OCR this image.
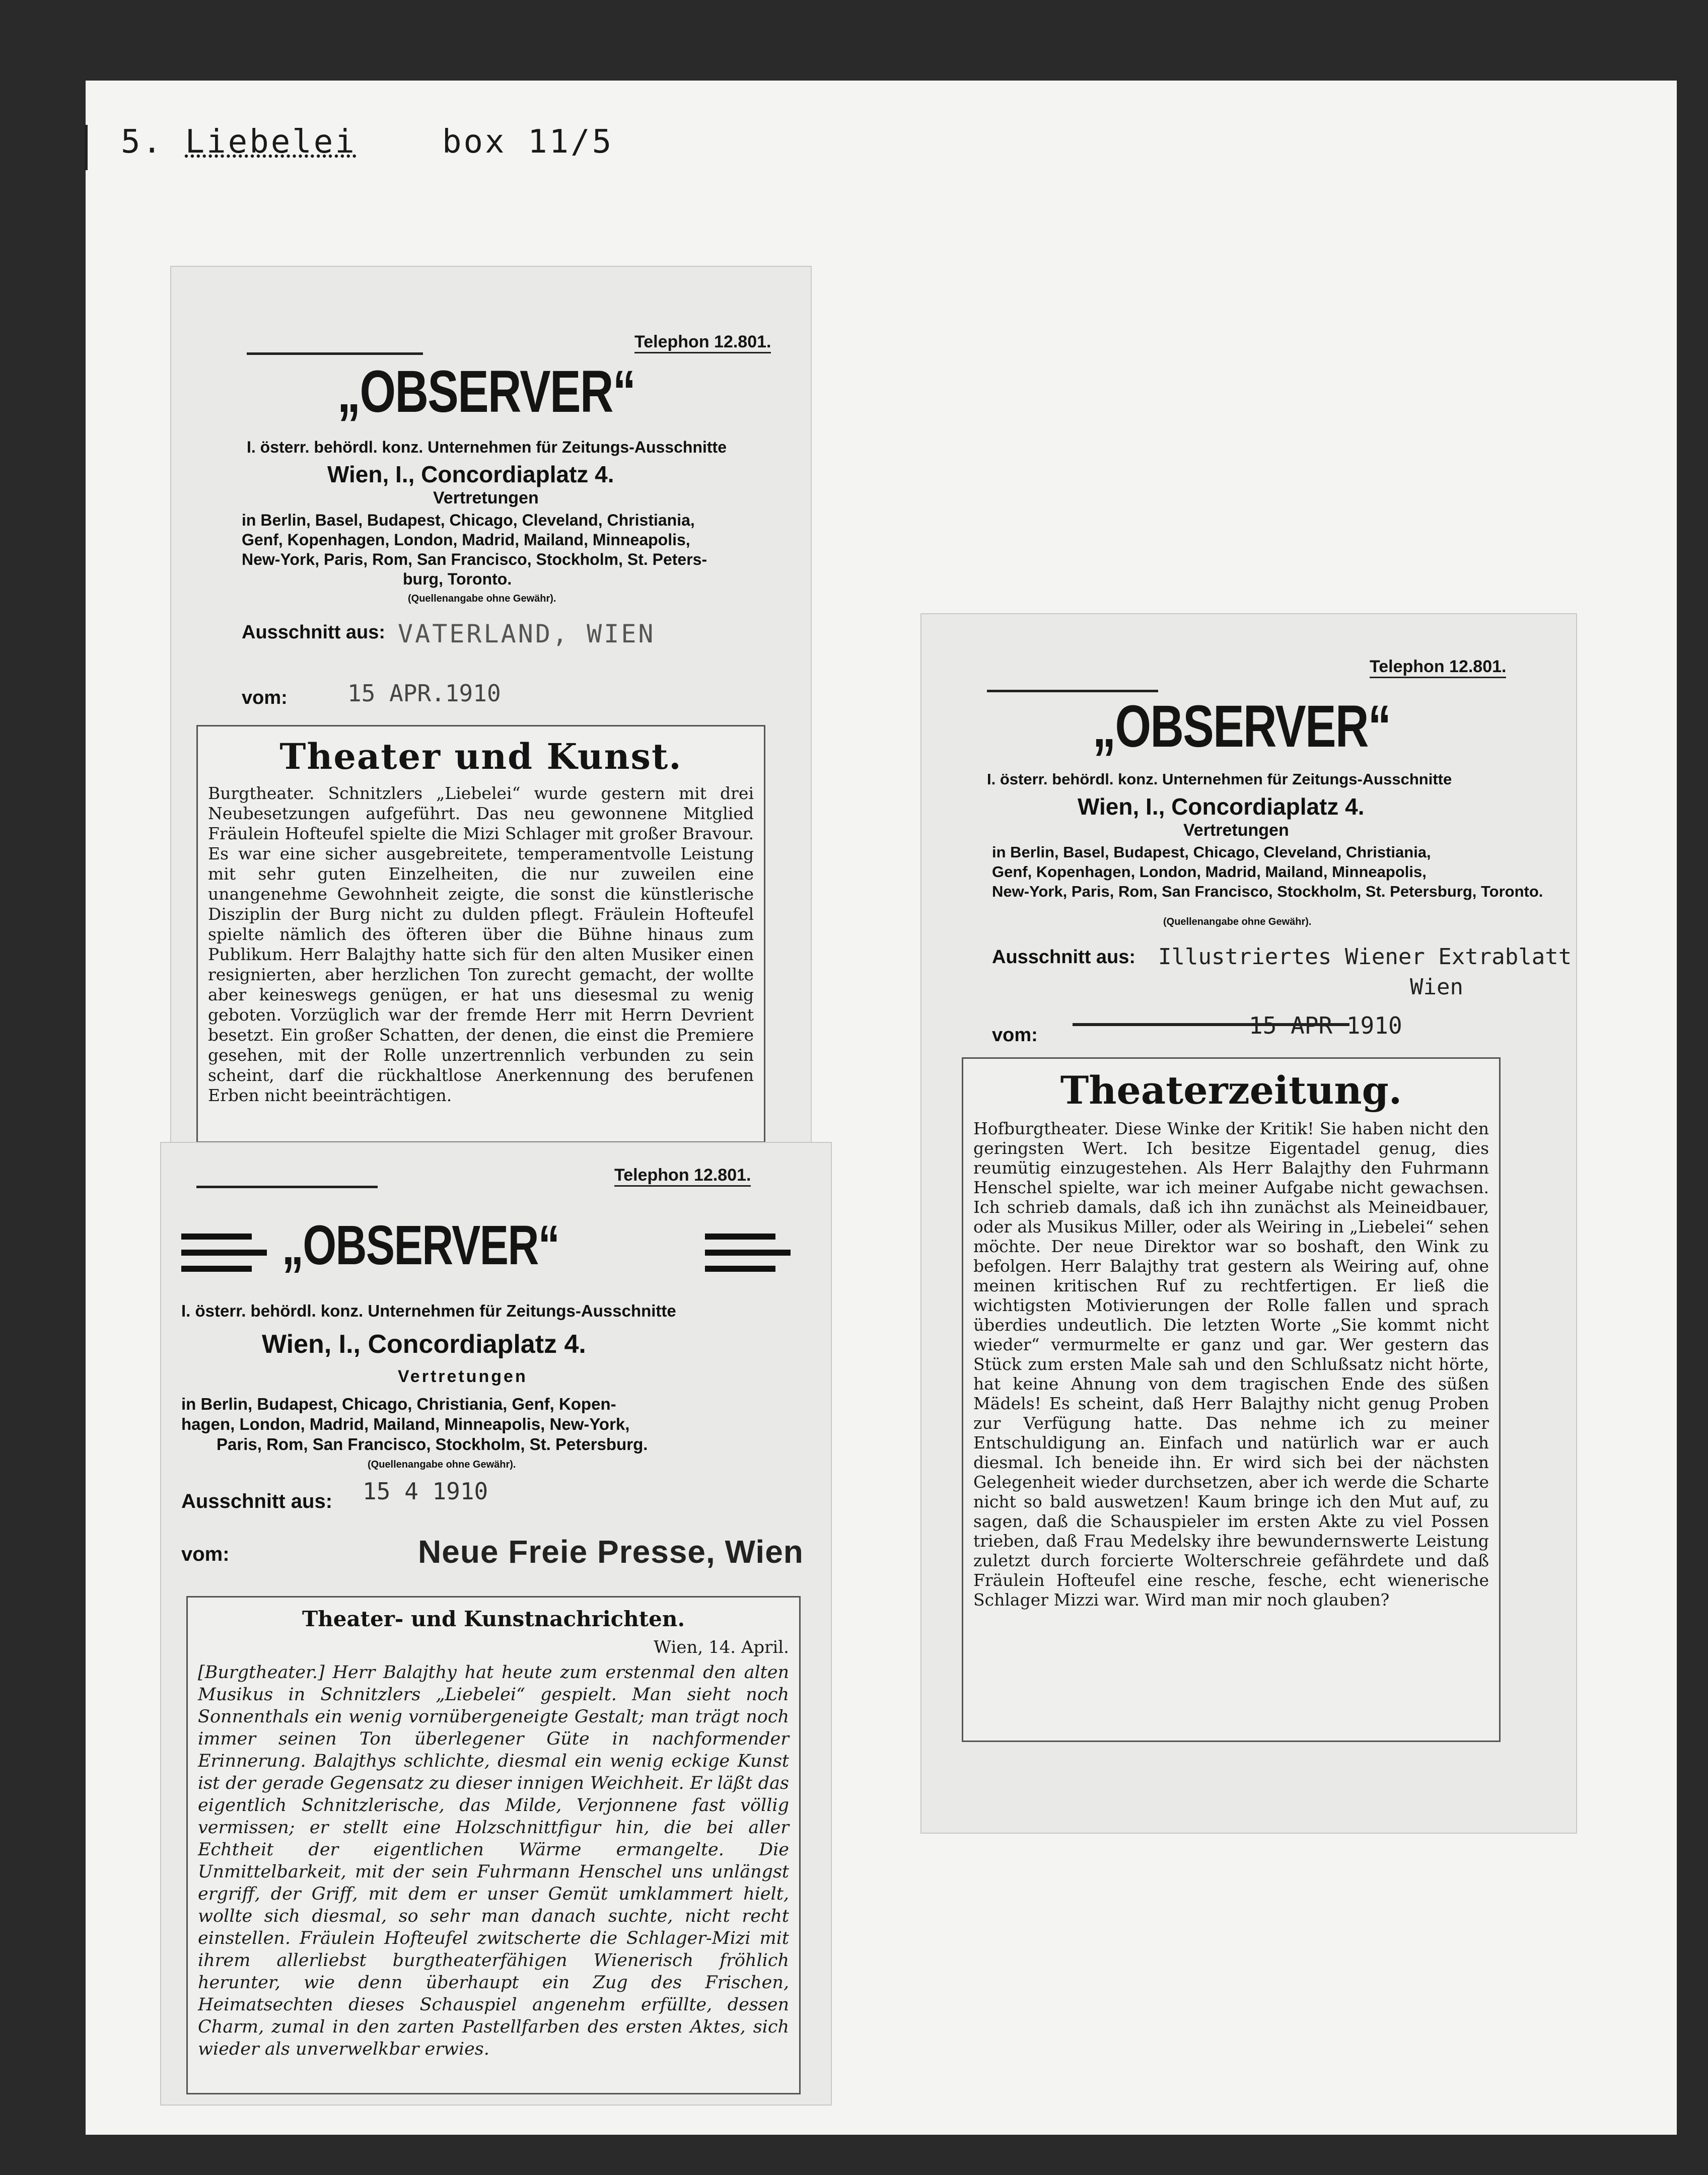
5. Liebelei	box 11/5
Telephon 12.801.
„OBSERVER“
I. österr. behördl. konz. Unternehmen für Zeitungs-Ausschnitte
Wien, I., Concordiaplatz 4.
Vertretungen
in Berlin, Basel, Budapest, Chicago, Cleveland, Christiania,
Genf, Kopenhagen, London, Madrid, Mailand, Minneapolis,
New-York, Paris, Rom, San Francisco, Stockholm, St. Peters-
burg, Toronto.
(Quellenangabe ohne Gewähr).
Ausschnitt aus: VATERLAND, WIEN
vom:	15 APR.1910
Theater und Kunst.
Burgtheater. Schnitzlers „Liebelei“ wurde gestern mit drei Neubesetzungen aufgeführt. Das neu gewonnene Mitglied Fräulein Hofteufel spielte die Mizi Schlager mit großer Bravour. Es war eine sicher ausgebreitete, temperamentvolle Leistung mit sehr guten Einzelheiten, die nur zuweilen eine unangenehme Gewohnheit zeigte, die sonst die künstlerische Disziplin der Burg nicht zu dulden pflegt. Fräulein Hofteufel spielte nämlich des öfteren über die Bühne hinaus zum Publikum. Herr Balajthy hatte sich für den alten Musiker einen resignierten, aber herzlichen Ton zurecht gemacht, der wollte aber keineswegs genügen, er hat uns diesesmal zu wenig geboten. Vorzüglich war der fremde Herr mit Herrn Devrient besetzt. Ein großer Schatten, der denen, die einst die Premiere gesehen, mit der Rolle unzertrennlich verbunden zu sein scheint, darf die rückhaltlose Anerkennung des berufenen Erben nicht beeinträchtigen.
Telephon 12.801.
„OBSERVER“
I. österr. behördl. konz. Unternehmen für Zeitungs-Ausschnitte
Wien, I., Concordiaplatz 4.
Vertretungen
in Berlin, Budapest, Chicago, Christiania, Genf, Kopen-
hagen, London, Madrid, Mailand, Minneapolis, New-York,
Paris, Rom, San Francisco, Stockholm, St. Petersburg.
(Quellenangabe ohne Gewähr).
Ausschnitt aus: 15 4 1910
vom:	Neue Freie Presse, Wien
Theater- und Kunstnachrichten.
Wien, 14. April.
[Burgtheater.] Herr Balajthy hat heute zum erstenmal den alten Musikus in Schnitzlers „Liebelei“ gespielt. Man sieht noch Sonnenthals ein wenig vornübergeneigte Gestalt; man trägt noch immer seinen Ton überlegener Güte in nachformender Erinnerung. Balajthys schlichte, diesmal ein wenig eckige Kunst ist der gerade Gegensatz zu dieser innigen Weichheit. Er läßt das eigentlich Schnitzlerische, das Milde, Verjonnene fast völlig vermissen; er stellt eine Holzschnittfigur hin, die bei aller Echtheit der eigentlichen Wärme ermangelte. Die Unmittelbarkeit, mit der sein Fuhrmann Henschel uns unlängst ergriff, der Griff, mit dem er unser Gemüt umklammert hielt, wollte sich diesmal, so sehr man danach suchte, nicht recht einstellen. Fräulein Hofteufel zwitscherte die Schlager-Mizi mit ihrem allerliebst burgtheaterfähigen Wienerisch fröhlich herunter, wie denn überhaupt ein Zug des Frischen, Heimatsechten dieses Schauspiel angenehm erfüllte, dessen Charm, zumal in den zarten Pastellfarben des ersten Aktes, sich wieder als unverwelkbar erwies.
Telephon 12.801.
„OBSERVER“
I. österr. behördl. konz. Unternehmen für Zeitungs-Ausschnitte
Wien, I., Concordiaplatz 4.
Vertretungen
in Berlin, Basel, Budapest, Chicago, Cleveland, Christiania,
Genf, Kopenhagen, London, Madrid, Mailand, Minneapolis,
New-York, Paris, Rom, San Francisco, Stockholm, St. Petersburg, Toronto.
(Quellenangabe ohne Gewähr).
Ausschnitt aus: Illustriertes Wiener Extrablatt
Wien
vom:	15 APR 1910
Theaterzeitung.
Hofburgtheater. Diese Winke der Kritik! Sie haben nicht den geringsten Wert. Ich besitze Eigentadel genug, dies reumütig einzugestehen. Als Herr Balajthy den Fuhrmann Henschel spielte, war ich meiner Aufgabe nicht gewachsen. Ich schrieb damals, daß ich ihn zunächst als Meineidbauer, oder als Musikus Miller, oder als Weiring in „Liebelei“ sehen möchte. Der neue Direktor war so boshaft, den Wink zu befolgen. Herr Balajthy trat gestern als Weiring auf, ohne meinen kritischen Ruf zu rechtfertigen. Er ließ die wichtigsten Motivierungen der Rolle fallen und sprach überdies undeutlich. Die letzten Worte „Sie kommt nicht wieder“ vermurmelte er ganz und gar. Wer gestern das Stück zum ersten Male sah und den Schlußsatz nicht hörte, hat keine Ahnung von dem tragischen Ende des süßen Mädels! Es scheint, daß Herr Balajthy nicht genug Proben zur Verfügung hatte. Das nehme ich zu meiner Entschuldigung an. Einfach und natürlich war er auch diesmal. Ich beneide ihn. Er wird sich bei der nächsten Gelegenheit wieder durchsetzen, aber ich werde die Scharte nicht so bald auswetzen! Kaum bringe ich den Mut auf, zu sagen, daß die Schauspieler im ersten Akte zu viel Possen trieben, daß Frau Medelsky ihre bewundernswerte Leistung zuletzt durch forcierte Wolterschreie gefährdete und daß Fräulein Hofteufel eine resche, fesche, echt wienerische Schlager Mizzi war. Wird man mir noch glauben?
